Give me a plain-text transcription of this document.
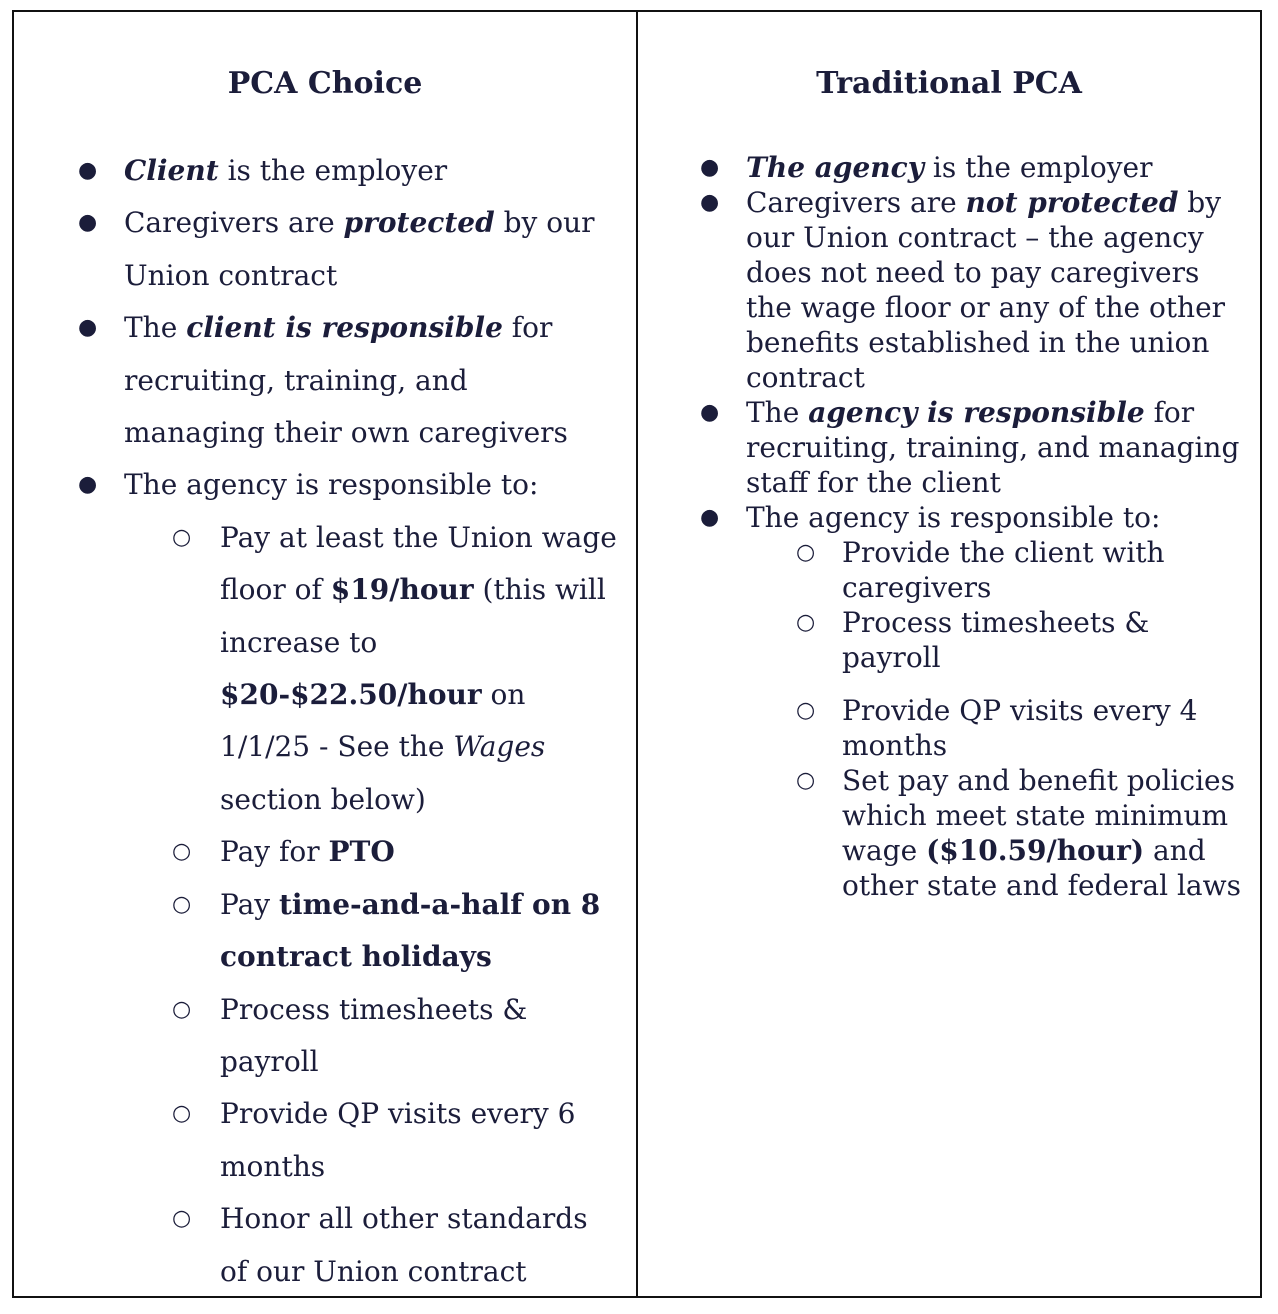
PCA Choice
● Client is the employer
● Caregivers are protected by our Union contract
● The client is responsible for recruiting, training, and managing their own caregivers
● The agency is responsible to:
○ Pay at least the Union wage floor of $19/hour (this will increase to $20-$22.50/hour on 1/1/25 - See the Wages section below)
○ Pay for PTO
○ Pay time-and-a-half on 8 contract holidays
○ Process timesheets & payroll
○ Provide QP visits every 6 months
○ Honor all other standards of our Union contract
Traditional PCA
● The agency is the employer
● Caregivers are not protected by our Union contract – the agency does not need to pay caregivers the wage floor or any of the other benefits established in the union contract
● The agency is responsible for recruiting, training, and managing staff for the client
● The agency is responsible to:
○ Provide the client with caregivers
○ Process timesheets & payroll
○ Provide QP visits every 4 months
○ Set pay and benefit policies which meet state minimum wage ($10.59/hour) and other state and federal laws
